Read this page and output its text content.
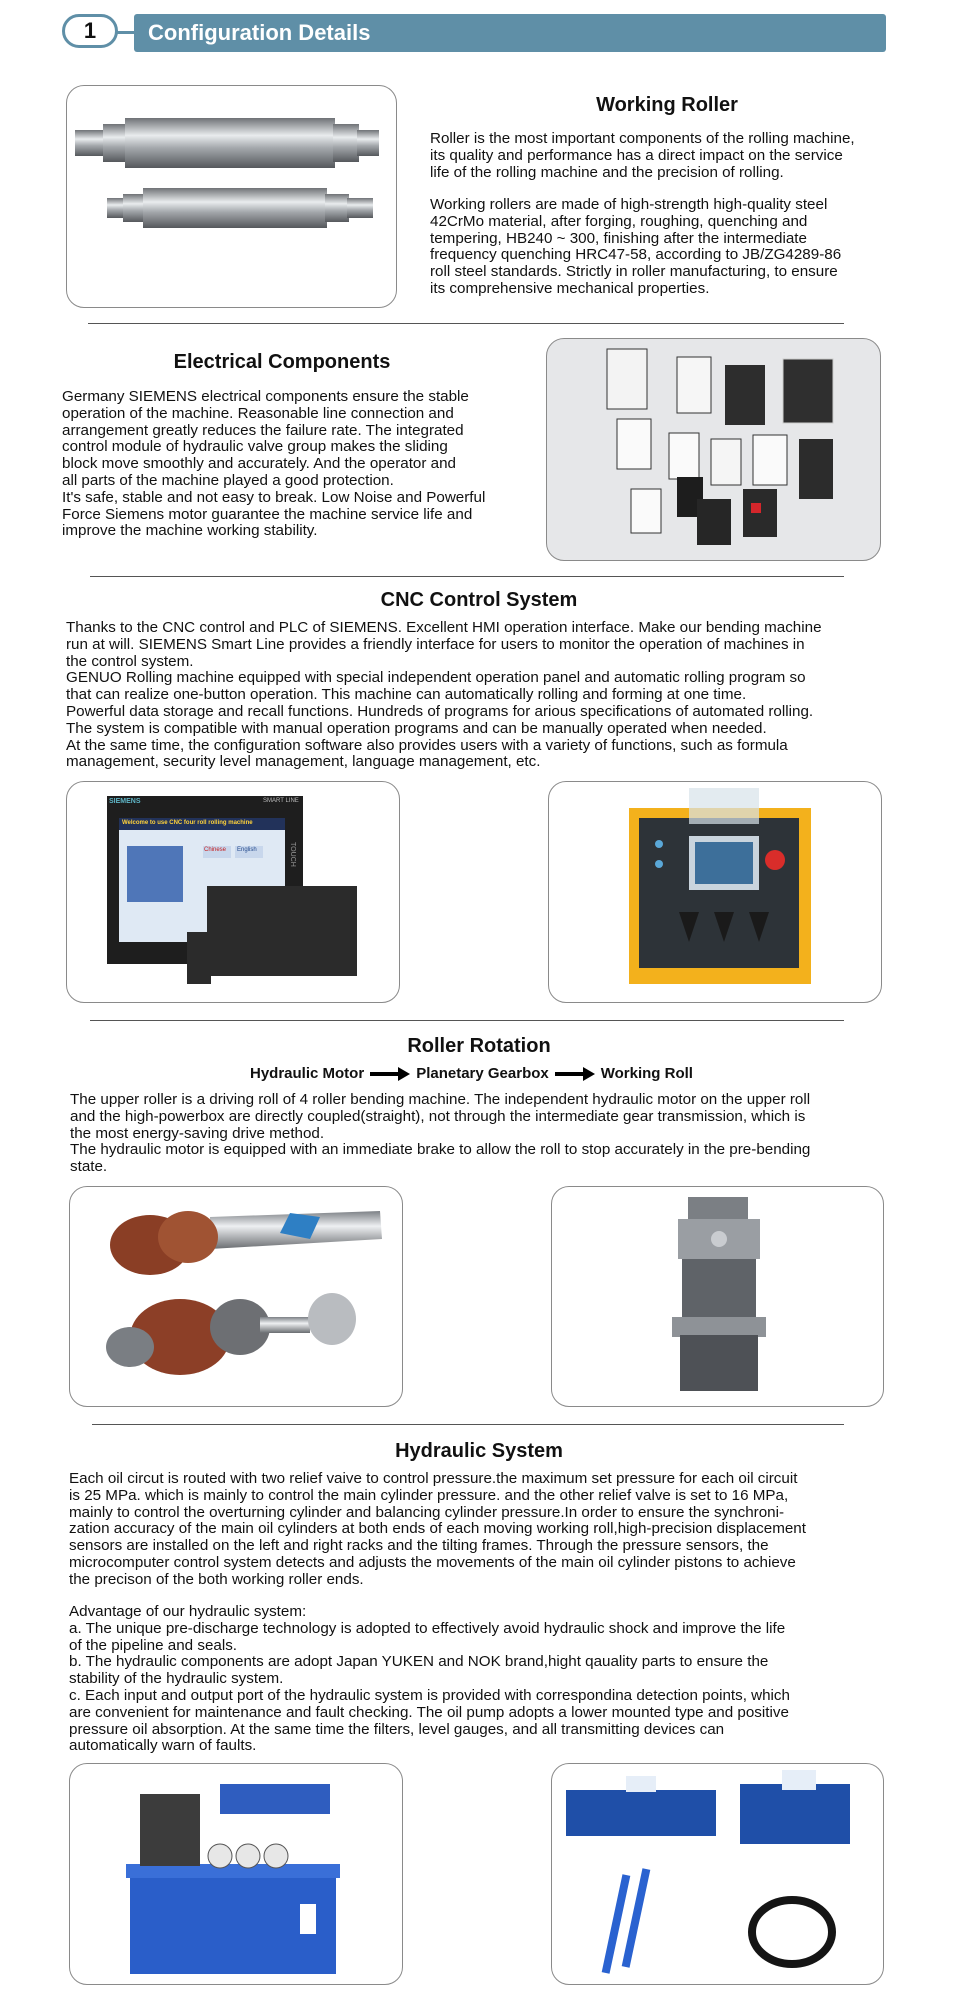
1	Configuration Details
Working Roller
Roller is the most important components of the rolling machine,
its quality and performance has a direct impact on the service
life of the rolling machine and the precision of rolling.
Working rollers are made of high-strength high-quality steel
42CrMo material, after forging, roughing, quenching and
tempering, HB240 ~ 300, finishing after the intermediate
frequency quenching HRC47-58, according to JB/ZG4289-86
roll steel standards. Strictly in roller manufacturing, to ensure
its comprehensive mechanical properties.
Electrical Components
Germany SIEMENS electrical components ensure the stable
operation of the machine. Reasonable line connection and
arrangement greatly reduces the failure rate. The integrated
control module of hydraulic valve group makes the sliding
block move smoothly and accurately. And the operator and
all parts of the machine played a good protection.
It's safe, stable and not easy to break. Low Noise and Powerful
Force Siemens motor guarantee the machine service life and
improve the machine working stability.
CNC Control System
Thanks to the CNC control and PLC of SIEMENS. Excellent HMI operation interface. Make our bending machine
run at will. SIEMENS Smart Line provides a friendly interface for users to monitor the operation of machines in
the control system.
GENUO Rolling machine equipped with special independent operation panel and automatic rolling program so
that can realize one-button operation. This machine can automatically rolling and forming at one time.
Powerful data storage and recall functions. Hundreds of programs for arious specifications of automated rolling.
The system is compatible with manual operation programs and can be manually operated when needed.
At the same time, the configuration software also provides users with a variety of functions, such as formula
management, security level management, language management, etc.
SIEMENS	SMART LINE
Welcome to use CNC four roll rolling machine
Chinese English	TOUCH
Roller Rotation
Hydraulic Motor	Planetary Gearbox	Working Roll
The upper roller is a driving roll of 4 roller bending machine. The independent hydraulic motor on the upper roll
and the high-powerbox are directly coupled(straight), not through the intermediate gear transmission, which is
the most energy-saving drive method.
The hydraulic motor is equipped with an immediate brake to allow the roll to stop accurately in the pre-bending
state.
Hydraulic System
Each oil circut is routed with two relief vaive to control pressure.the maximum set pressure for each oil circuit
is 25 MPa. which is mainly to control the main cylinder pressure. and the other relief valve is set to 16 MPa,
mainly to control the overturning cylinder and balancing cylinder pressure.In order to ensure the synchroni-
zation accuracy of the main oil cylinders at both ends of each moving working roll,high-precision displacement
sensors are installed on the left and right racks and the tilting frames. Through the pressure sensors, the
microcomputer control system detects and adjusts the movements of the main oil cylinder pistons to achieve
the precison of the both working roller ends.
Advantage of our hydraulic system:
a. The unique pre-discharge technology is adopted to effectively avoid hydraulic shock and improve the life
of the pipeline and seals.
b. The hydraulic components are adopt Japan YUKEN and NOK brand,hight qauality parts to ensure the
stability of the hydraulic system.
c. Each input and output port of the hydraulic system is provided with correspondina detection points, which
are convenient for maintenance and fault checking. The oil pump adopts a lower mounted type and positive
pressure oil absorption. At the same time the filters, level gauges, and all transmitting devices can
automatically warn of faults.
